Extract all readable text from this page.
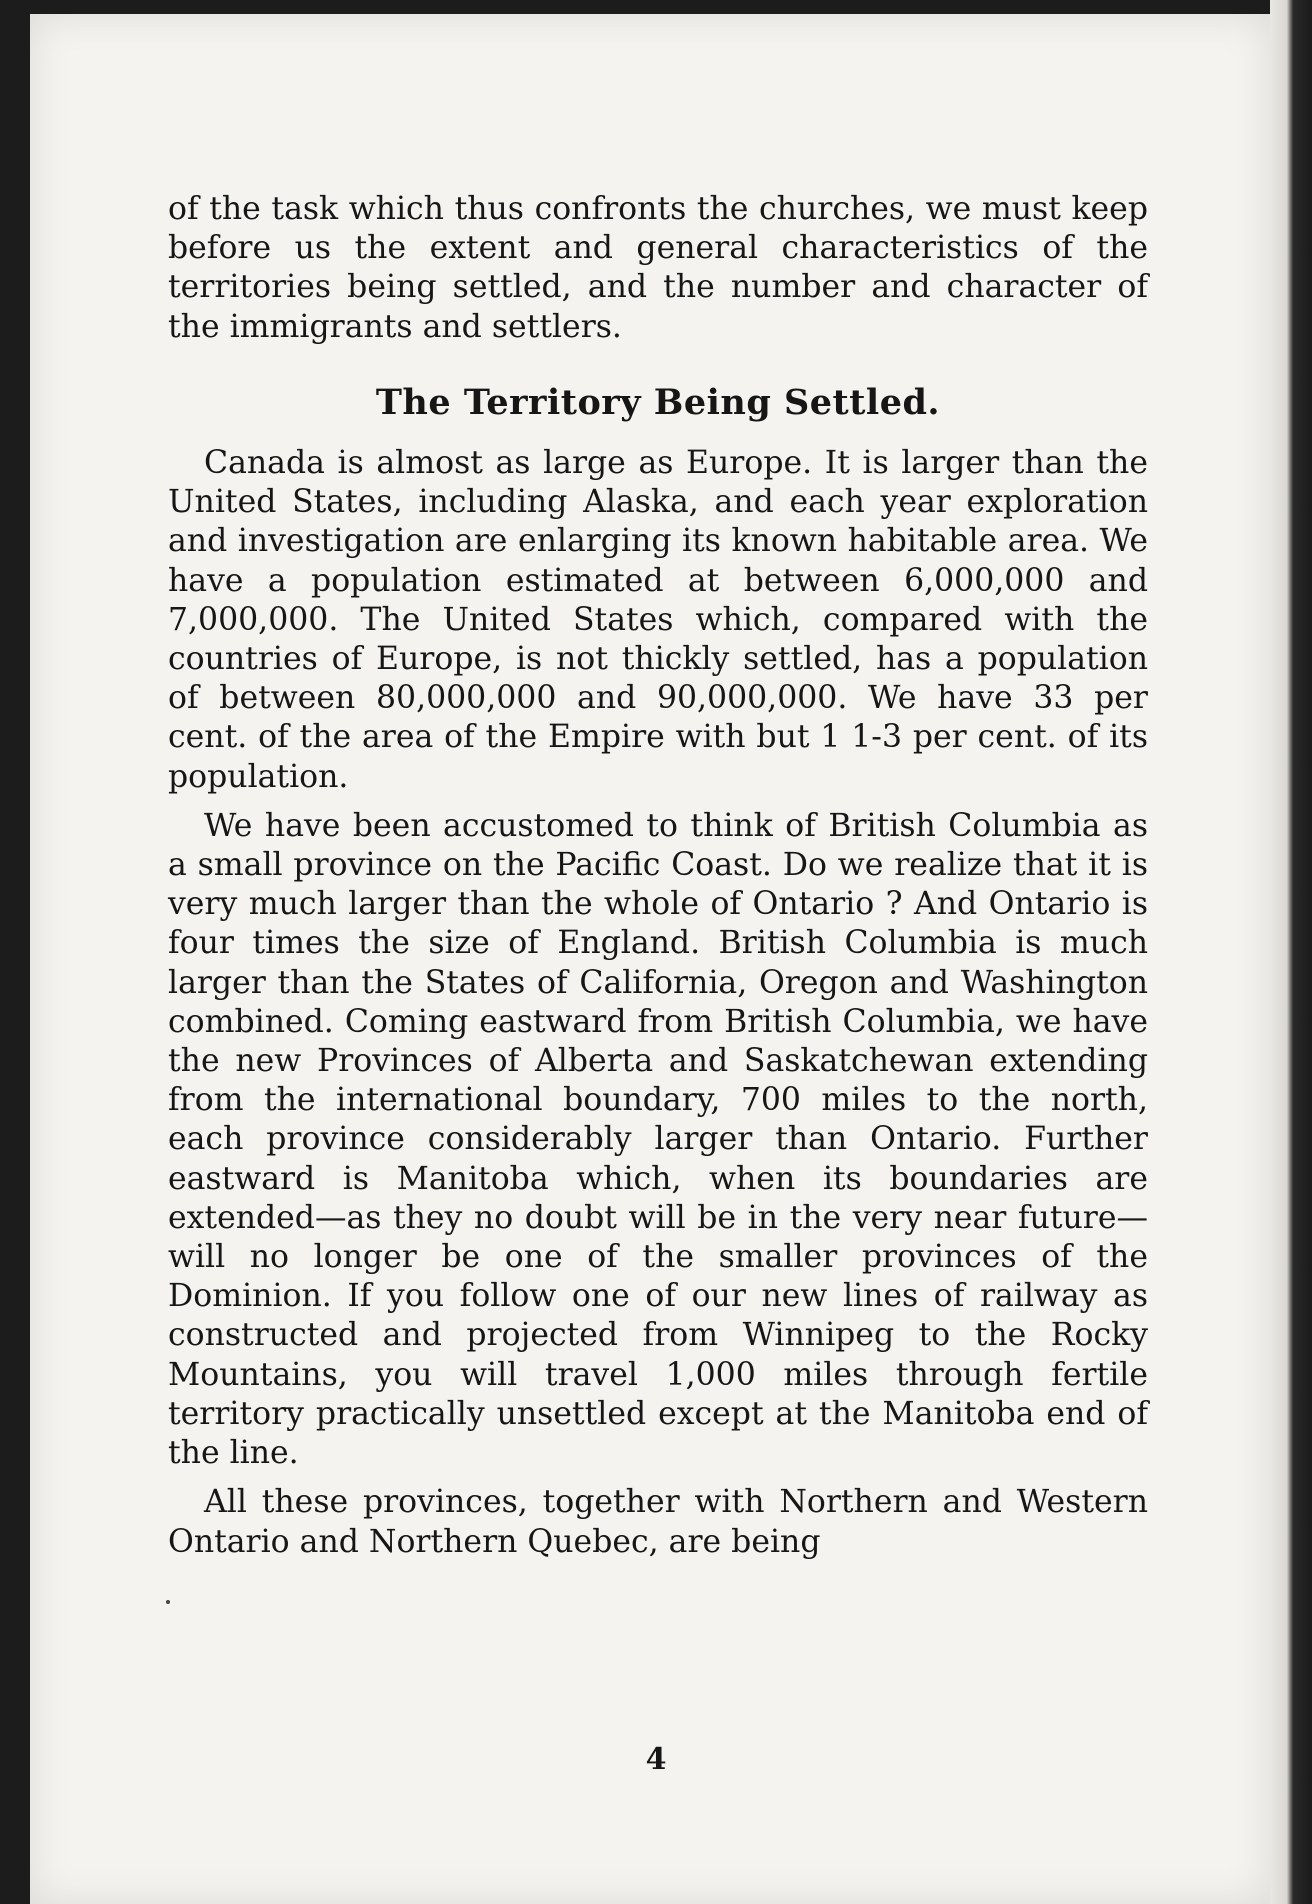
of the task which thus confronts the churches, we must keep before us the extent and general characteristics of the territories being settled, and the number and character of the immigrants and settlers.

The Territory Being Settled.

Canada is almost as large as Europe. It is larger than the United States, including Alaska, and each year exploration and investigation are enlarging its known habitable area. We have a population estimated at between 6,000,000 and 7,000,000. The United States which, compared with the countries of Europe, is not thickly settled, has a population of between 80,000,000 and 90,000,000. We have 33 per cent. of the area of the Empire with but 1 1-3 per cent. of its population.

We have been accustomed to think of British Columbia as a small province on the Pacific Coast. Do we realize that it is very much larger than the whole of Ontario ? And Ontario is four times the size of England. British Columbia is much larger than the States of California, Oregon and Washington combined. Coming eastward from British Columbia, we have the new Provinces of Alberta and Saskatchewan extending from the international boundary, 700 miles to the north, each province considerably larger than Ontario. Further eastward is Manitoba which, when its boundaries are extended—as they no doubt will be in the very near future—will no longer be one of the smaller provinces of the Dominion. If you follow one of our new lines of railway as constructed and projected from Winnipeg to the Rocky Mountains, you will travel 1,000 miles through fertile territory practically unsettled except at the Manitoba end of the line.

All these provinces, together with Northern and Western Ontario and Northern Quebec, are being

4
